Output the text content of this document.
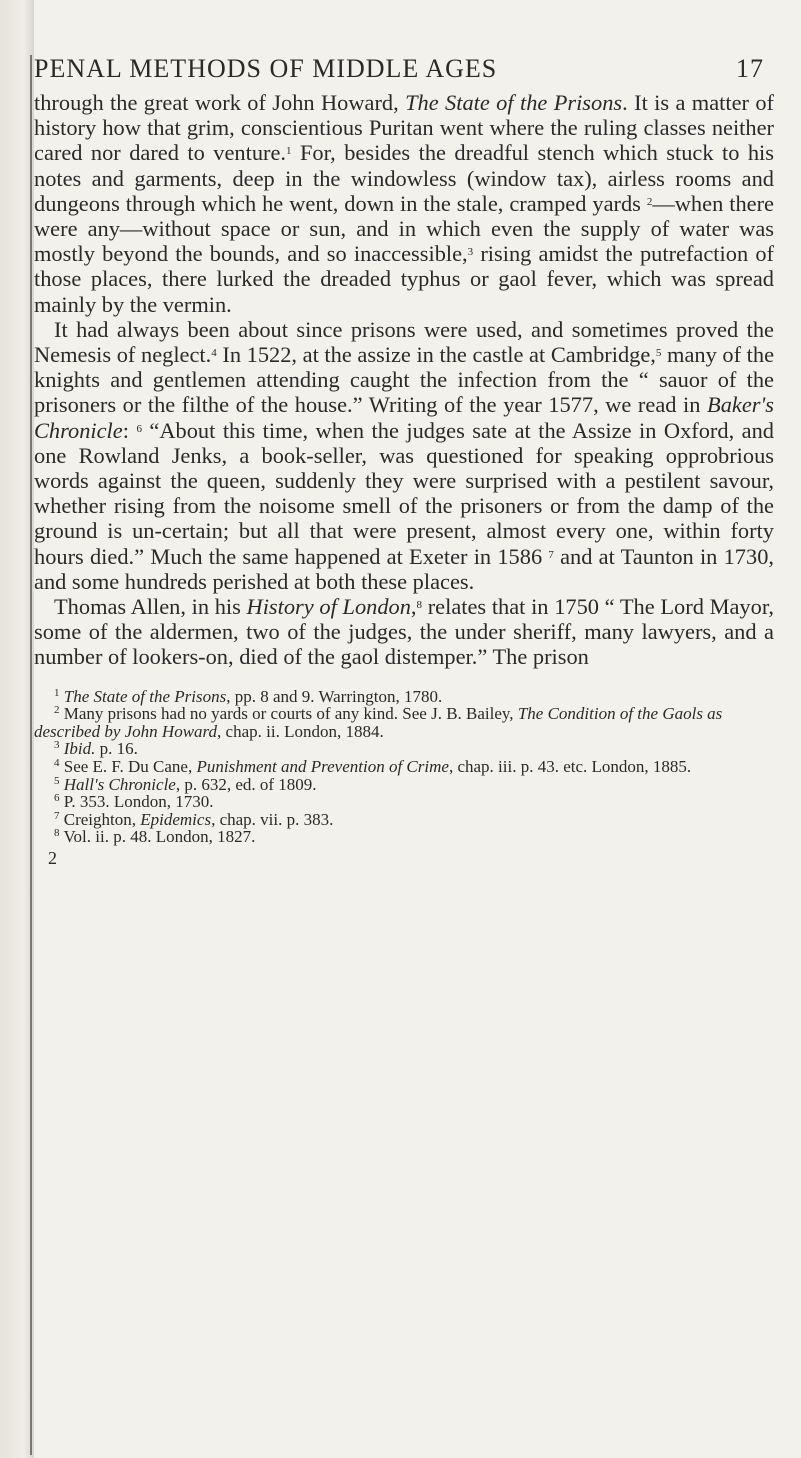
PENAL METHODS OF MIDDLE AGES	17

through the great work of John Howard, The State of the Prisons. It is a matter of history how that grim, conscientious Puritan went where the ruling classes neither cared nor dared to venture.$^1$ For, besides the dreadful stench which stuck to his notes and garments, deep in the windowless (window tax), airless rooms and dungeons through which he went, down in the stale, cramped yards $^2$—when there were any—without space or sun, and in which even the supply of water was mostly beyond the bounds, and so inaccessible,$^3$ rising amidst the putrefaction of those places, there lurked the dreaded typhus or gaol fever, which was spread mainly by the vermin.

It had always been about since prisons were used, and sometimes proved the Nemesis of neglect.$^4$ In 1522, at the assize in the castle at Cambridge,$^5$ many of the knights and gentlemen attending caught the infection from the “ sauor of the prisoners or the filthe of the house.” Writing of the year 1577, we read in Baker's Chronicle: $^6$ “About this time, when the judges sate at the Assize in Oxford, and one Rowland Jenks, a book-seller, was questioned for speaking opprobrious words against the queen, suddenly they were surprised with a pestilent savour, whether rising from the noisome smell of the prisoners or from the damp of the ground is un-certain; but all that were present, almost every one, within forty hours died.” Much the same happened at Exeter in 1586 $^7$ and at Taunton in 1730, and some hundreds perished at both these places.

Thomas Allen, in his History of London,$^8$ relates that in 1750 “ The Lord Mayor, some of the aldermen, two of the judges, the under sheriff, many lawyers, and a number of lookers-on, died of the gaol distemper.” The prison

$^1$ The State of the Prisons, pp. 8 and 9. Warrington, 1780.

$^2$ Many prisons had no yards or courts of any kind. See J. B. Bailey, The Condition of the Gaols as described by John Howard, chap. ii. London, 1884.

$^3$ Ibid. p. 16.

$^4$ See E. F. Du Cane, Punishment and Prevention of Crime, chap. iii. p. 43. etc. London, 1885.

$^5$ Hall's Chronicle, p. 632, ed. of 1809.

$^6$ P. 353. London, 1730.

$^7$ Creighton, Epidemics, chap. vii. p. 383.

$^8$ Vol. ii. p. 48. London, 1827.

2
